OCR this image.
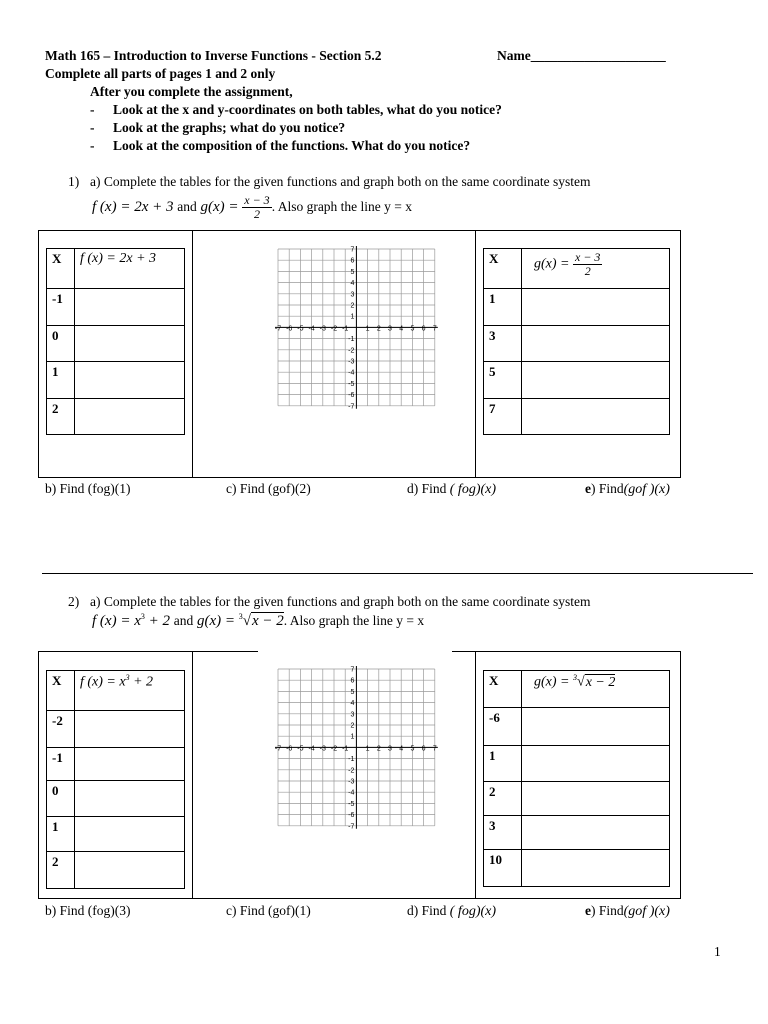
Math 165 – Introduction to Inverse Functions - Section 5.2	Name____________________
Complete all parts of pages 1 and 2 only
After you complete the assignment,
- Look at the x and y-coordinates on both tables, what do you notice?
- Look at the graphs; what do you notice?
- Look at the composition of the functions. What do you notice?
1) a) Complete the tables for the given functions and graph both on the same coordinate system
f (x) = 2x + 3 and $g(x) = \frac{x - 3}{2}$ . Also graph the line y = x
X	f (x) = 2x + 3
-1	
0	
1	
2	
X	$g(x) = \frac{x - 3}{2}$

1	
3	
5	
7	
-7 -6 -5 -4 -3 -2 -1 1 2 3 4 5 6 7
7
6
5
4
3
2
1
-1
-2
-3
-4
-5
-6
-7
b) Find (fog)(1)	c) Find (gof)(2)	d) Find ( fog)(x)	e) Find(gof )(x)
2) a) Complete the tables for the given functions and graph both on the same coordinate system
f $(x) = x^3 + 2$ and g(x) = $^3$√x − 2. Also graph the line y = x
X	f $(x) = x^3 + 2$
-2	
-1	
0	
1	
2	
X	g(x) = $^3$√x − 2
-6	
1	
2	
3	
10	
-7 -6 -5 -4 -3 -2 -1 1 2 3 4 5 6 7
7
6
5
4
3
2
1
-1
-2
-3
-4
-5
-6
-7
b) Find (fog)(3)	c) Find (gof)(1)	d) Find ( fog)(x)	e) Find(gof )(x)
1
